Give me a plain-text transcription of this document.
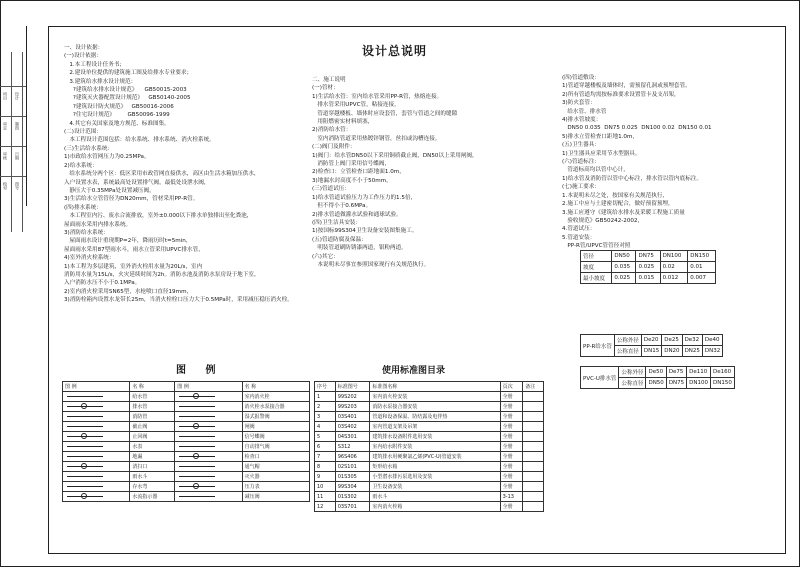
项目
审定
审核
校对
设计
制图
日期
图号
设计总说明
一、设计依据：
(一)设计依据：
1.本工程设计任务书；
2.建设单位提供的建筑施工图及给排水专业要求；
3.建筑给水排水设计规范：
?建筑给水排水设计规范》    GB50015-2003
?建筑灭火器配置设计规范》   GB50140-2005
?建筑设计防火规范》   GB50016-2006
?住宅设计规范》       GB50096-1999
4.其它有关国家及地方规范、标准图集。
(二)设计范围：
本工程设计范围包括：给水系统、排水系统、消火栓系统。
(三)生活给水系统：
1)市政给水管网压力为0.25MPa。
2)给水系统：
给水系统分两个区：低区采用市政管网直接供水，高区由生活水箱加压供水，
入户设置水表，系统最高处设置排气阀，最低处设泄水阀，
静压大于0.35MPa处设置减压阀，
3)生活给水立管管径为DN20mm，管材采用PP-R管。
(四)排水系统：
本工程室内污、废水合流排放，室外±0.000以下排水单独排出至化粪池，
屋面雨水采用内排水系统。
3)消防给水系统：
屋面雨水设计重现期P=2年，降雨历时t=5min，
屋面雨水采用87型雨水斗，雨水立管采用UPVC排水管，
4)室外消火栓系统：
1)本工程为多层建筑，室外消火栓用水量为20L/s，室内
消防用水量为15L/s，火灾延续时间为2h。消防水池及消防水泵房设于地下室，
入户消防水压不小于0.1MPa。
2)室内消火栓采用SN65型，水枪喷口直径19mm，
3)消防栓箱内设置水龙带长25m，当消火栓栓口压力大于0.5MPa时，采用减压稳压消火栓。
二、施工说明
(一)管材：
1)生活给水管：室内给水管采用PP-R管，热熔连接。
排水管采用UPVC管，粘接连接，
管道穿越楼板、墙体时应设套管，套管与管道之间的缝隙
用阻燃密实材料填塞，
2)消防给水管：
室内消防管道采用热镀锌钢管，丝扣或沟槽连接。
(二)阀门及附件：
1)阀门：给水管DN50以下采用铜质截止阀，DN50以上采用闸阀，
消防管上阀门采用信号蝶阀，
2)检查口：立管检查口距地面1.0m，
3)地漏水封高度不小于50mm，
(三)管道试压：
1)给水管道试验压力为工作压力的1.5倍，
但不得小于0.6MPa。
2)排水管道做灌水试验和通球试验。
(四)卫生洁具安装：
1)按国标99S304卫生设备安装图集施工。
(五)管道防腐及保温：
明装管道刷防锈漆两道，银粉两道。
(六)其它：
本说明未尽事宜参照国家现行有关规范执行。
(四)管道敷设：
1)管道穿越楼板及墙体时，需预留孔洞或预埋套管。
2)所有管道均需按标准要求设置管卡及支吊架，
3)防火套管：
给水管、排水管
4)排水管坡度：
DN50 0.035  DN75 0.025  DN100 0.02  DN150 0.01
5)排水立管检查口距地1.0m，
(五)卫生器具：
1)卫生器具应采用节水型器具。
(六)管道标注：
管道标高均以管中心计，
1)给水管及消防管以管中心标注，排水管以管内底标注。
(七)施工要求：
1.本说明未尽之处，按国家有关规范执行，
2.施工中应与土建密切配合，做好预留预埋，
3.施工应遵守《建筑给水排水及采暖工程施工质量
验收规范》GB50242-2002，
4.管道试压：
5.管道安装：
PP-R管/UPVC管管径对照
管径	DN50	DN75	DN100	DN150
坡度	0.035	0.025	0.02	0.01
最小坡度	0.025	0.015	0.012	0.007
PP-R给水管	公称外径	De20	De25	De32	De40
	公称直径	DN15	DN20	DN25	DN32
PVC-U排水管	公称外径	De50	De75	De110	De160
	公称直径	DN50	DN75	DN100	DN150
图 例
图 例	名 称	图 例	名 称

	给水管		室内消火栓

	排水管		消火栓水泵接合器

	消防管		湿式报警阀

	截止阀		闸阀

	止回阀		信号蝶阀

	水表		自动排气阀

	地漏		检查口

	清扫口		通气帽

	雨水斗		灭火器

	存水弯		压力表

	水流指示器		减压阀
使用标准图目录
序号	标准图号	标准图名称	页次	备注
1	99S202	室内消火栓安装	全册	
2	99S203	消防水泵接合器安装	全册	
3	03S401	管道和设备保温、防结露及电伴热	全册	
4	03S402	室内管道支架及吊架	全册	
5	04S301	建筑排水设备附件选用安装	全册	
6	S312	室内给水附件安装	全册	
7	96S406	建筑排水用硬聚氯乙烯(PVC-U)管道安装	全册	
8	02S101	矩形给水箱	全册	
9	01S305	小型潜水排污泵选用及安装	全册	
10	99S304	卫生设备安装	全册	
11	01S302	雨水斗	3-13	
12	03S701	室内消火栓箱	全册	
